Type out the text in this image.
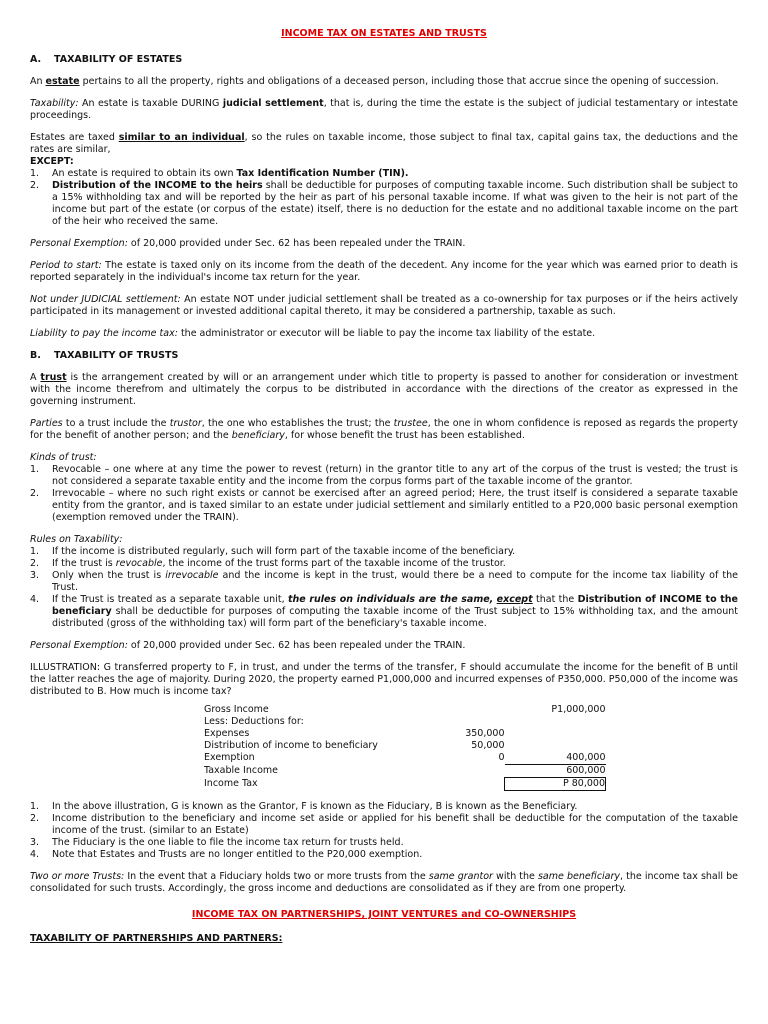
INCOME TAX ON ESTATES AND TRUSTS
A. TAXABILITY OF ESTATES

An estate pertains to all the property, rights and obligations of a deceased person, including those that accrue since the opening of succession.

Taxability: An estate is taxable DURING judicial settlement, that is, during the time the estate is the subject of judicial testamentary or intestate proceedings.

Estates are taxed similar to an individual, so the rules on taxable income, those subject to final tax, capital gains tax, the deductions and the rates are similar,
EXCEPT:

1. An estate is required to obtain its own Tax Identification Number (TIN).
2. Distribution of the INCOME to the heirs shall be deductible for purposes of computing taxable income. Such distribution shall be subject to a 15% withholding tax and will be reported by the heir as part of his personal taxable income. If what was given to the heir is not part of the income but part of the estate (or corpus of the estate) itself, there is no deduction for the estate and no additional taxable income on the part of the heir who received the same.

Personal Exemption: of 20,000 provided under Sec. 62 has been repealed under the TRAIN.

Period to start: The estate is taxed only on its income from the death of the decedent. Any income for the year which was earned prior to death is reported separately in the individual's income tax return for the year.

Not under JUDICIAL settlement: An estate NOT under judicial settlement shall be treated as a co-ownership for tax purposes or if the heirs actively participated in its management or invested additional capital thereto, it may be considered a partnership, taxable as such.

Liability to pay the income tax: the administrator or executor will be liable to pay the income tax liability of the estate.

B. TAXABILITY OF TRUSTS

A trust is the arrangement created by will or an arrangement under which title to property is passed to another for consideration or investment with the income therefrom and ultimately the corpus to be distributed in accordance with the directions of the creator as expressed in the governing instrument.

Parties to a trust include the trustor, the one who establishes the trust; the trustee, the one in whom confidence is reposed as regards the property for the benefit of another person; and the beneficiary, for whose benefit the trust has been established.

Kinds of trust:
1. Revocable – one where at any time the power to revest (return) in the grantor title to any art of the corpus of the trust is vested; the trust is not considered a separate taxable entity and the income from the corpus forms part of the taxable income of the grantor.
2. Irrevocable – where no such right exists or cannot be exercised after an agreed period; Here, the trust itself is considered a separate taxable entity from the grantor, and is taxed similar to an estate under judicial settlement and similarly entitled to a P20,000 basic personal exemption (exemption removed under the TRAIN).
Rules on Taxability:
1. If the income is distributed regularly, such will form part of the taxable income of the beneficiary.
2. If the trust is revocable, the income of the trust forms part of the taxable income of the trustor.
3. Only when the trust is irrevocable and the income is kept in the trust, would there be a need to compute for the income tax liability of the Trust.
4. If the Trust is treated as a separate taxable unit, the rules on individuals are the same, except that the Distribution of INCOME to the beneficiary shall be deductible for purposes of computing the taxable income of the Trust subject to 15% withholding tax, and the amount distributed (gross of the withholding tax) will form part of the beneficiary's taxable income.

Personal Exemption: of 20,000 provided under Sec. 62 has been repealed under the TRAIN.

ILLUSTRATION: G transferred property to F, in trust, and under the terms of the transfer, F should accumulate the income for the benefit of B until the latter reaches the age of majority. During 2020, the property earned P1,000,000 and incurred expenses of P350,000. P50,000 of the income was distributed to B. How much is income tax?

Gross Income		P1,000,000
Less: Deductions for:		
Expenses	350,000	
Distribution of income to beneficiary	50,000	
Exemption	0	400,000
Taxable Income		600,000
Income Tax		P 80,000
1. In the above illustration, G is known as the Grantor, F is known as the Fiduciary, B is known as the Beneficiary.
2. Income distribution to the beneficiary and income set aside or applied for his benefit shall be deductible for the computation of the taxable income of the trust. (similar to an Estate)
3. The Fiduciary is the one liable to file the income tax return for trusts held.
4. Note that Estates and Trusts are no longer entitled to the P20,000 exemption.

Two or more Trusts: In the event that a Fiduciary holds two or more trusts from the same grantor with the same beneficiary, the income tax shall be consolidated for such trusts. Accordingly, the gross income and deductions are consolidated as if they are from one property.

INCOME TAX ON PARTNERSHIPS, JOINT VENTURES and CO-OWNERSHIPS
TAXABILITY OF PARTNERSHIPS AND PARTNERS:
